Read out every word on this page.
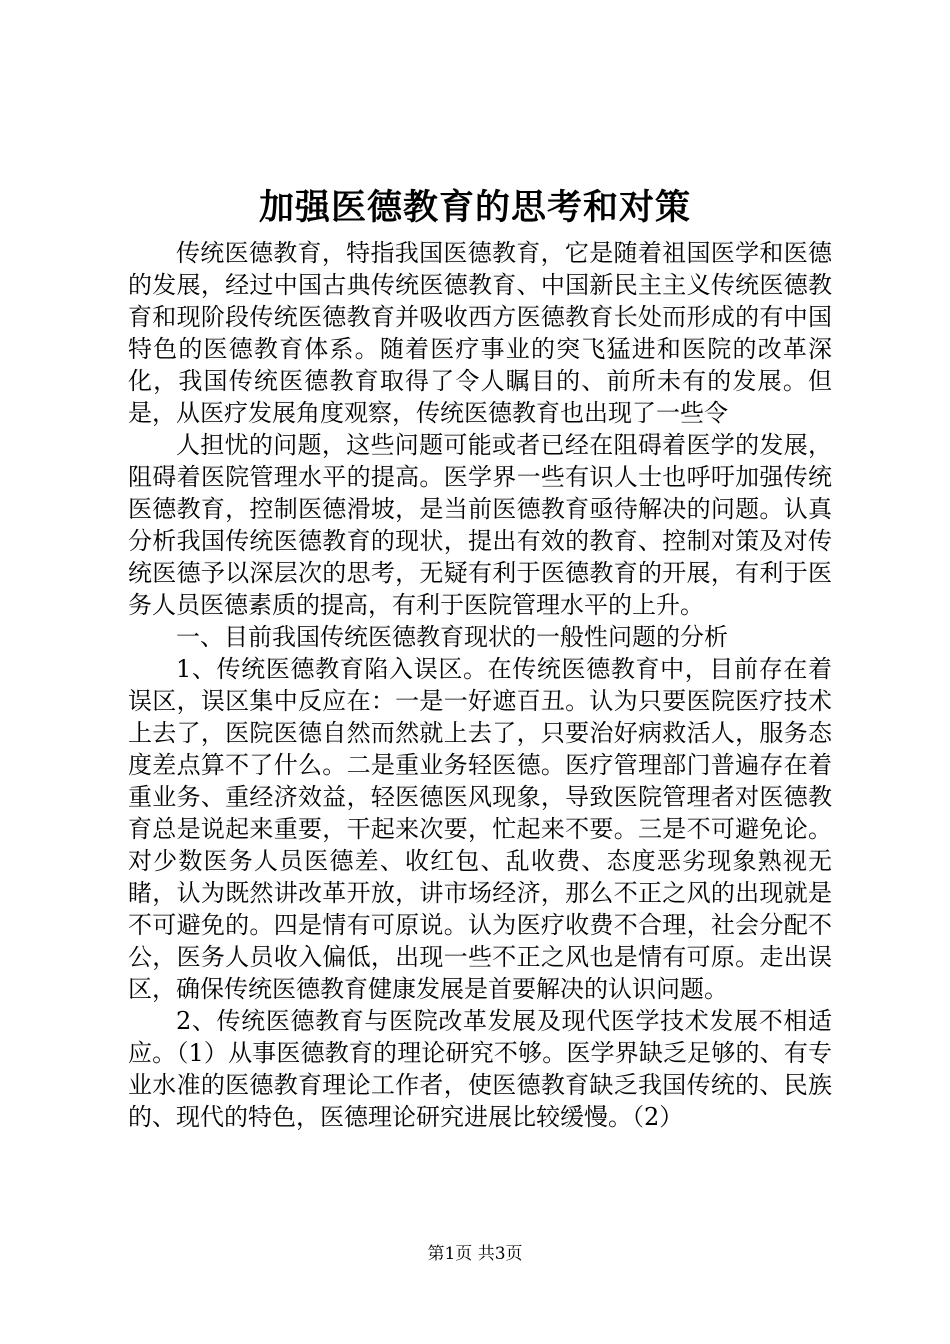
加强医德教育的思考和对策

传统医德教育，特指我国医德教育，它是随着祖国医学和医德的发展，经过中国古典传统医德教育、中国新民主主义传统医德教育和现阶段传统医德教育并吸收西方医德教育长处而形成的有中国特色的医德教育体系。随着医疗事业的突飞猛进和医院的改革深化，我国传统医德教育取得了令人瞩目的、前所未有的发展。但是，从医疗发展角度观察，传统医德教育也出现了一些令

人担忧的问题，这些问题可能或者已经在阻碍着医学的发展，阻碍着医院管理水平的提高。医学界一些有识人士也呼吁加强传统医德教育，控制医德滑坡，是当前医德教育亟待解决的问题。认真分析我国传统医德教育的现状，提出有效的教育、控制对策及对传统医德予以深层次的思考，无疑有利于医德教育的开展，有利于医务人员医德素质的提高，有利于医院管理水平的上升。

一、目前我国传统医德教育现状的一般性问题的分析

1、传统医德教育陷入误区。在传统医德教育中，目前存在着误区，误区集中反应在：一是一好遮百丑。认为只要医院医疗技术上去了，医院医德自然而然就上去了，只要治好病救活人，服务态度差点算不了什么。二是重业务轻医德。医疗管理部门普遍存在着重业务、重经济效益，轻医德医风现象，导致医院管理者对医德教育总是说起来重要，干起来次要，忙起来不要。三是不可避免论。对少数医务人员医德差、收红包、乱收费、态度恶劣现象熟视无睹，认为既然讲改革开放，讲市场经济，那么不正之风的出现就是不可避免的。四是情有可原说。认为医疗收费不合理，社会分配不公，医务人员收入偏低，出现一些不正之风也是情有可原。走出误区，确保传统医德教育健康发展是首要解决的认识问题。

2、传统医德教育与医院改革发展及现代医学技术发展不相适应。（1）从事医德教育的理论研究不够。医学界缺乏足够的、有专业水准的医德教育理论工作者，使医德教育缺乏我国传统的、民族的、现代的特色，医德理论研究进展比较缓慢。（2）

第1页 共3页
